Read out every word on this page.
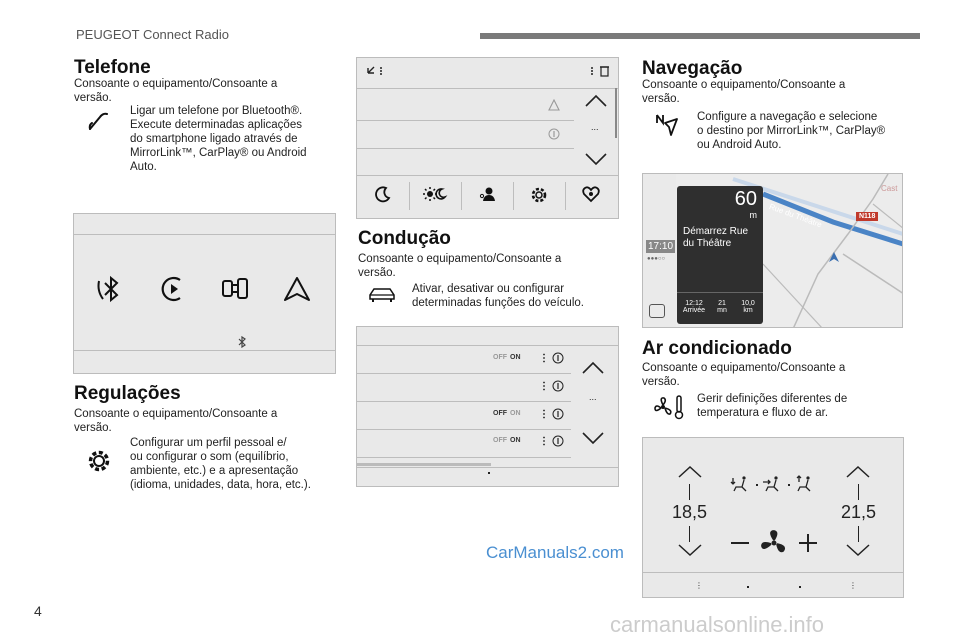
PEUGEOT Connect Radio
Telefone
Consoante o equipamento/Consoante a versão.
Ligar um telefone por Bluetooth®.
Execute determinadas aplicações
do smartphone ligado através de
MirrorLink™, CarPlay® ou Android
Auto.
Regulações
Consoante o equipamento/Consoante a versão.
Configurar um perfil pessoal e/
ou configurar o som (equilíbrio,
ambiente, etc.) e a apresentação
(idioma, unidades, data, hora, etc.).
...
Condução
Consoante o equipamento/Consoante a versão.
Ativar, desativar ou configurar
determinadas funções do veículo.
OFF ON
OFF ON
OFF ON
...
CarManuals2.com
Navegação
Consoante o equipamento/Consoante a versão.
Configure a navegação e selecione
o destino por MirrorLink™, CarPlay®
ou Android Auto.
17:10
●●●○○
N118
Rue du Théâtre
Cast
60
m
Démarrez Rue
du Théâtre
12:12
Arrivée
21
mn
10,0
km
Ar condicionado
Consoante o equipamento/Consoante a versão.
Gerir definições diferentes de
temperatura e fluxo de ar.
18,5	21,5
⋮	⋮
4
carmanualsonline.info
